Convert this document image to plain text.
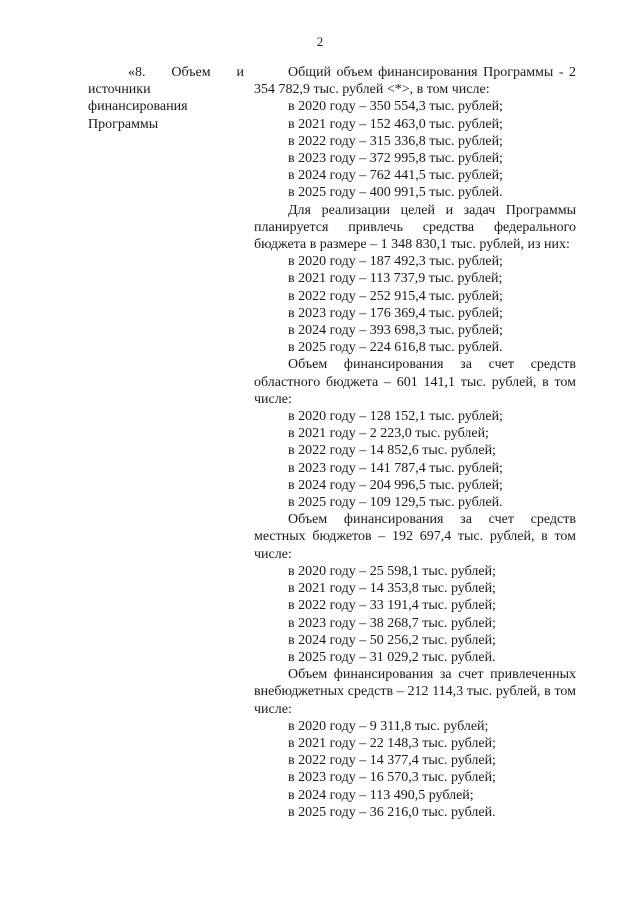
2
«8. Объем и
источники
финансирования
Программы

Общий объем финансирования Программы - 2 354 782,9 тыс. рублей <*>, в том числе:

в 2020 году – 350 554,3 тыс. рублей;

в 2021 году – 152 463,0 тыс. рублей;

в 2022 году – 315 336,8 тыс. рублей;

в 2023 году – 372 995,8 тыс. рублей;

в 2024 году – 762 441,5 тыс. рублей;

в 2025 году – 400 991,5 тыс. рублей.

Для реализации целей и задач Программы планируется привлечь средства федерального бюджета в размере – 1 348 830,1 тыс. рублей, из них:

в 2020 году – 187 492,3 тыс. рублей;

в 2021 году – 113 737,9 тыс. рублей;

в 2022 году – 252 915,4 тыс. рублей;

в 2023 году – 176 369,4 тыс. рублей;

в 2024 году – 393 698,3 тыс. рублей;

в 2025 году – 224 616,8 тыс. рублей.

Объем финансирования за счет средств областного бюджета – 601 141,1 тыс. рублей, в том числе:

в 2020 году – 128 152,1 тыс. рублей;

в 2021 году – 2 223,0 тыс. рублей;

в 2022 году – 14 852,6 тыс. рублей;

в 2023 году – 141 787,4 тыс. рублей;

в 2024 году – 204 996,5 тыс. рублей;

в 2025 году – 109 129,5 тыс. рублей.

Объем финансирования за счет средств местных бюджетов – 192 697,4 тыс. рублей, в том числе:

в 2020 году – 25 598,1 тыс. рублей;

в 2021 году – 14 353,8 тыс. рублей;

в 2022 году – 33 191,4 тыс. рублей;

в 2023 году – 38 268,7 тыс. рублей;

в 2024 году – 50 256,2 тыс. рублей;

в 2025 году – 31 029,2 тыс. рублей.

Объем финансирования за счет привлеченных внебюджетных средств – 212 114,3 тыс. рублей, в том числе:

в 2020 году – 9 311,8 тыс. рублей;

в 2021 году – 22 148,3 тыс. рублей;

в 2022 году – 14 377,4 тыс. рублей;

в 2023 году – 16 570,3 тыс. рублей;

в 2024 году – 113 490,5 рублей;

в 2025 году – 36 216,0 тыс. рублей.
